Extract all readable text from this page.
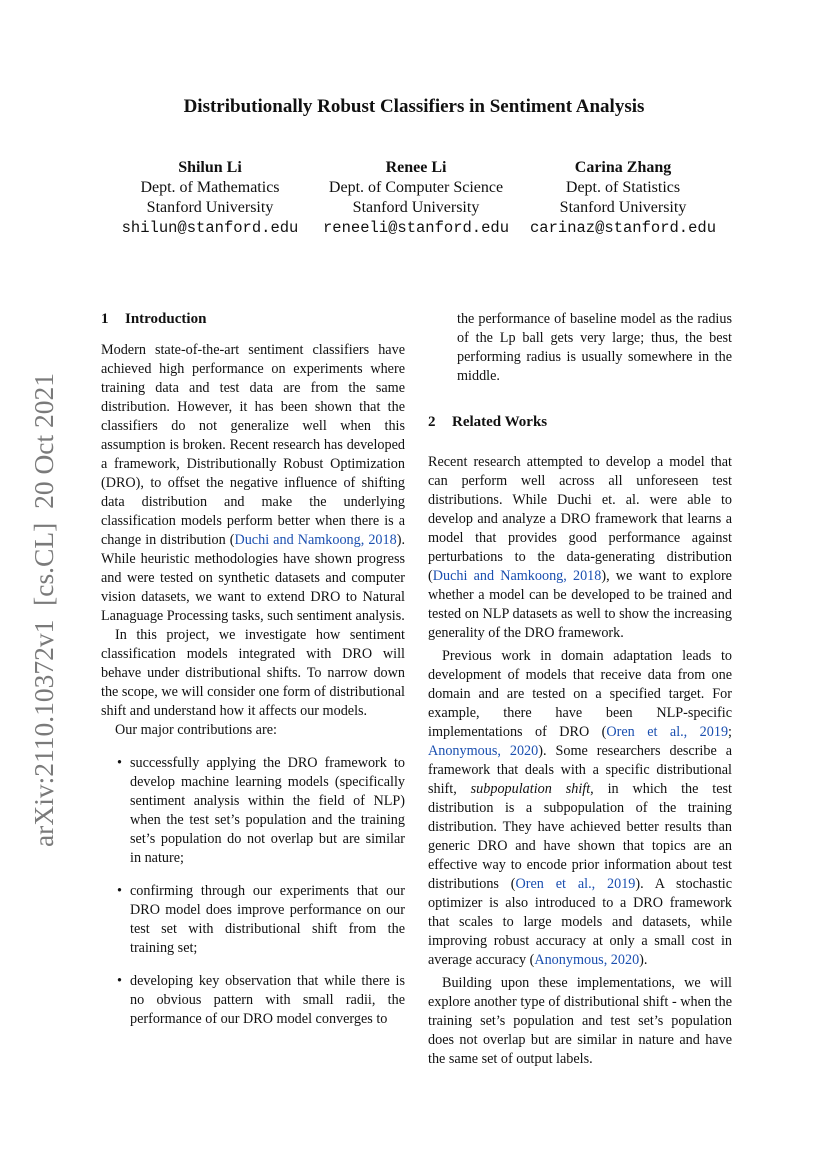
arXiv:2110.10372v1  [cs.CL]  20 Oct 2021
Distributionally Robust Classifiers in Sentiment Analysis
Shilun Li
Dept. of Mathematics
Stanford University
shilun@stanford.edu
Renee Li
Dept. of Computer Science
Stanford University
reneeli@stanford.edu
Carina Zhang
Dept. of Statistics
Stanford University
carinaz@stanford.edu
1 Introduction

Modern state-of-the-art sentiment classifiers have achieved high performance on experiments where training data and test data are from the same distribution. However, it has been shown that the classifiers do not generalize well when this assumption is broken. Recent research has developed a framework, Distributionally Robust Optimization (DRO), to offset the negative influence of shifting data distribution and make the underlying classification models perform better when there is a change in distribution (Duchi and Namkoong, 2018). While heuristic methodologies have shown progress and were tested on synthetic datasets and computer vision datasets, we want to extend DRO to Natural Lanaguage Processing tasks, such sentiment analysis.

In this project, we investigate how sentiment classification models integrated with DRO will behave under distributional shifts. To narrow down the scope, we will consider one form of distributional shift and understand how it affects our models.

Our major contributions are:

• successfully applying the DRO framework to develop machine learning models (specifically sentiment analysis within the field of NLP) when the test set’s population and the training set’s population do not overlap but are similar in nature;
• confirming through our experiments that our DRO model does improve performance on our test set with distributional shift from the training set;
• developing key observation that while there is no obvious pattern with small radii, the performance of our DRO model converges to
the performance of baseline model as the radius of the Lp ball gets very large; thus, the best performing radius is usually somewhere in the middle.
2 Related Works

Recent research attempted to develop a model that can perform well across all unforeseen test distributions. While Duchi et. al. were able to develop and analyze a DRO framework that learns a model that provides good performance against perturbations to the data-generating distribution (Duchi and Namkoong, 2018), we want to explore whether a model can be developed to be trained and tested on NLP datasets as well to show the increasing generality of the DRO framework.

Previous work in domain adaptation leads to development of models that receive data from one domain and are tested on a specified target. For example, there have been NLP-specific implementations of DRO (Oren et al., 2019; Anonymous, 2020). Some researchers describe a framework that deals with a specific distributional shift, subpopulation shift, in which the test distribution is a subpopulation of the training distribution. They have achieved better results than generic DRO and have shown that topics are an effective way to encode prior information about test distributions (Oren et al., 2019). A stochastic optimizer is also introduced to a DRO framework that scales to large models and datasets, while improving robust accuracy at only a small cost in average accuracy (Anonymous, 2020).

Building upon these implementations, we will explore another type of distributional shift - when the training set’s population and test set’s population does not overlap but are similar in nature and have the same set of output labels.
